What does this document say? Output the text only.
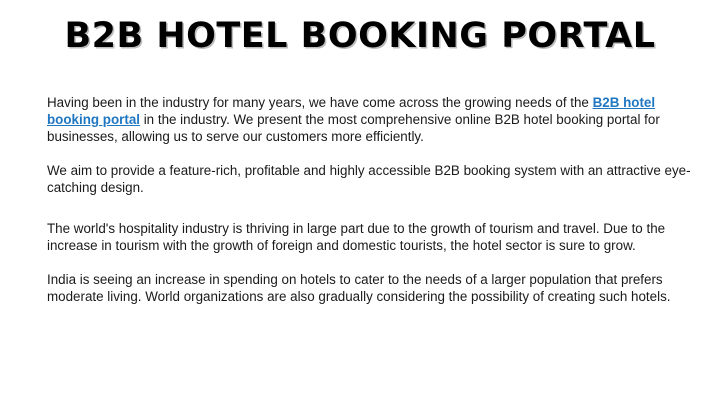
B2B HOTEL BOOKING PORTAL

Having been in the industry for many years, we have come across the growing needs of the B2B hotel booking portal in the industry. We present the most comprehensive online B2B hotel booking portal for businesses, allowing us to serve our customers more efficiently.

We aim to provide a feature-rich, profitable and highly accessible B2B booking system with an attractive eye-catching design.

The world's hospitality industry is thriving in large part due to the growth of tourism and travel. Due to the increase in tourism with the growth of foreign and domestic tourists, the hotel sector is sure to grow.

India is seeing an increase in spending on hotels to cater to the needs of a larger population that prefers moderate living. World organizations are also gradually considering the possibility of creating such hotels.
